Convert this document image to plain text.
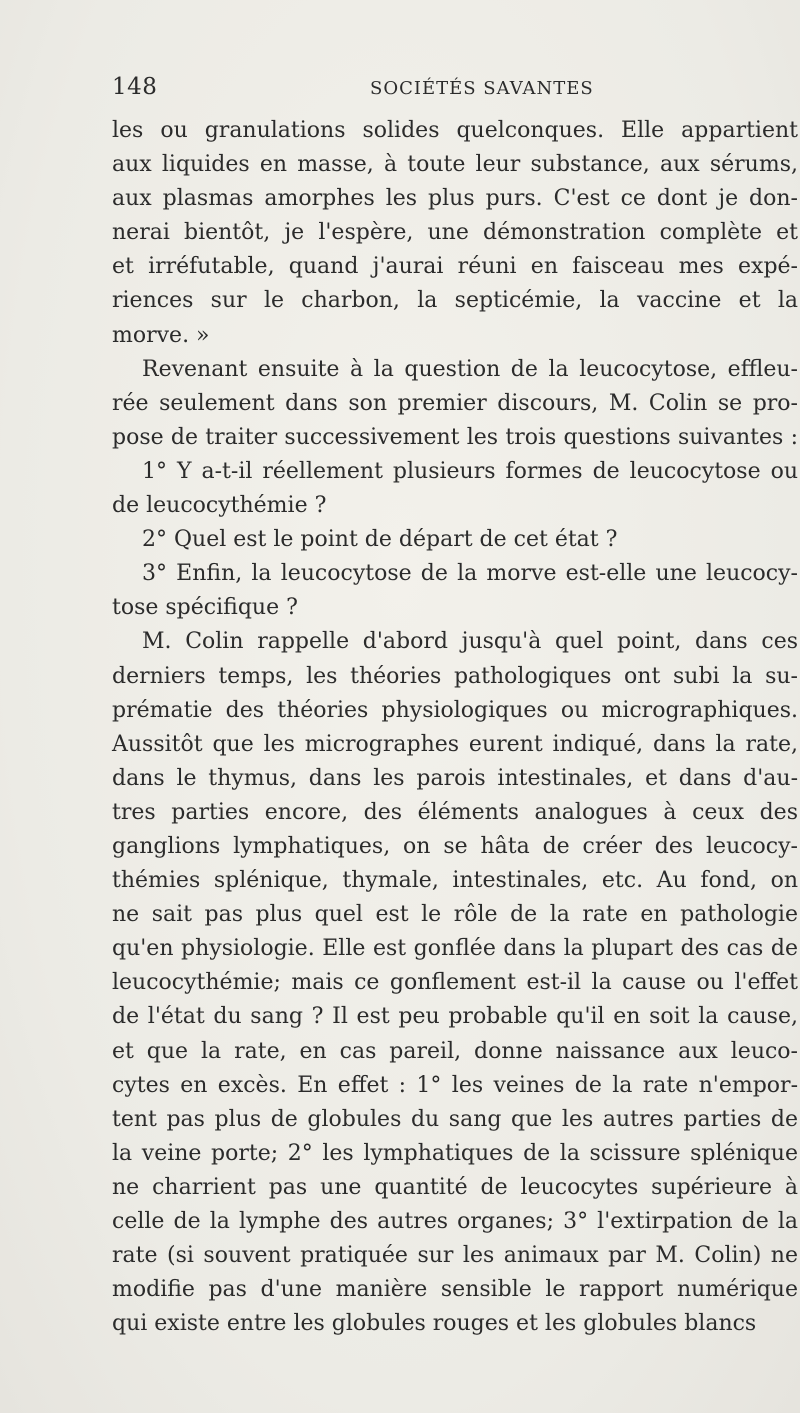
148	SOCIÉTÉS SAVANTES
les ou granulations solides quelconques. Elle appartient
aux liquides en masse, à toute leur substance, aux sérums,
aux plasmas amorphes les plus purs. C'est ce dont je don-
nerai bientôt, je l'espère, une démonstration complète et
et irréfutable, quand j'aurai réuni en faisceau mes expé-
riences sur le charbon, la septicémie, la vaccine et la
morve. »
Revenant ensuite à la question de la leucocytose, effleu-
rée seulement dans son premier discours, M. Colin se pro-
pose de traiter successivement les trois questions suivantes :
1° Y a-t-il réellement plusieurs formes de leucocytose ou
de leucocythémie ?
2° Quel est le point de départ de cet état ?
3° Enfin, la leucocytose de la morve est-elle une leucocy-
tose spécifique ?
M. Colin rappelle d'abord jusqu'à quel point, dans ces
derniers temps, les théories pathologiques ont subi la su-
prématie des théories physiologiques ou micrographiques.
Aussitôt que les micrographes eurent indiqué, dans la rate,
dans le thymus, dans les parois intestinales, et dans d'au-
tres parties encore, des éléments analogues à ceux des
ganglions lymphatiques, on se hâta de créer des leucocy-
thémies splénique, thymale, intestinales, etc. Au fond, on
ne sait pas plus quel est le rôle de la rate en pathologie
qu'en physiologie. Elle est gonflée dans la plupart des cas de
leucocythémie; mais ce gonflement est-il la cause ou l'effet
de l'état du sang ? Il est peu probable qu'il en soit la cause,
et que la rate, en cas pareil, donne naissance aux leuco-
cytes en excès. En effet : 1° les veines de la rate n'empor-
tent pas plus de globules du sang que les autres parties de
la veine porte; 2° les lymphatiques de la scissure splénique
ne charrient pas une quantité de leucocytes supérieure à
celle de la lymphe des autres organes; 3° l'extirpation de la
rate (si souvent pratiquée sur les animaux par M. Colin) ne
modifie pas d'une manière sensible le rapport numérique
qui existe entre les globules rouges et les globules blancs
